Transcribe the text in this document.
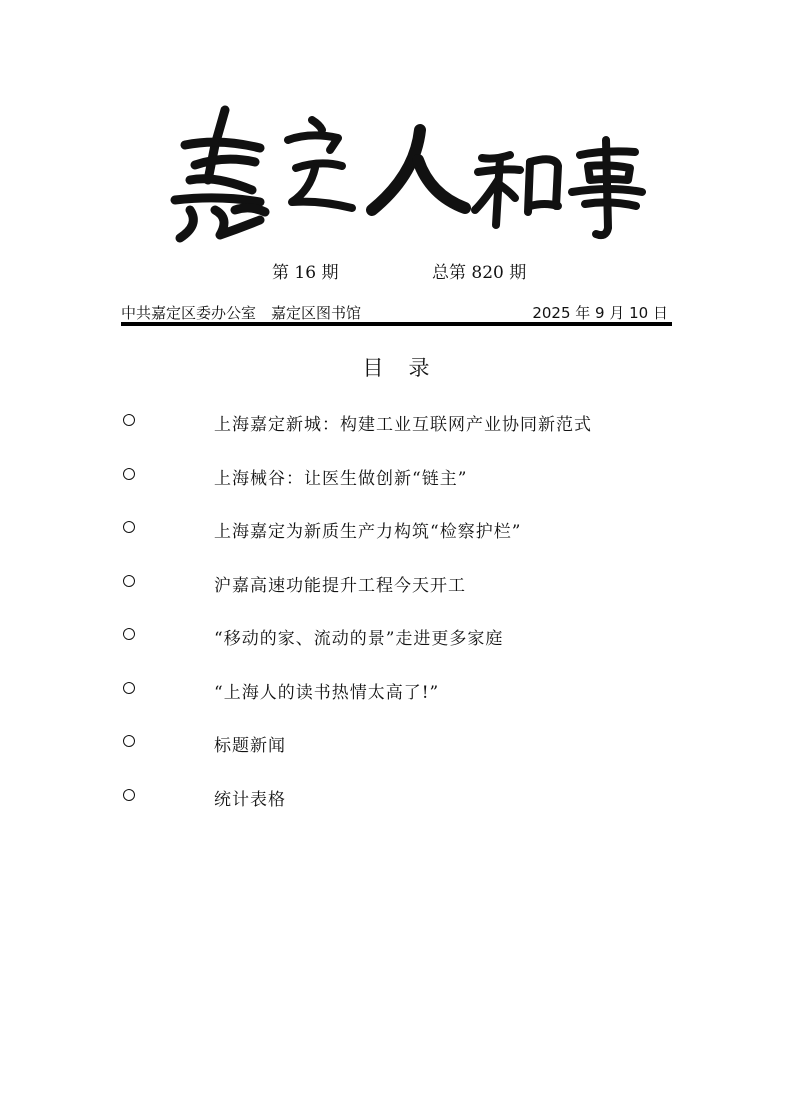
第 16 期	总第 820 期
中共嘉定区委办公室　嘉定区图书馆	2025 年 9 月 10 日
目　录
上海嘉定新城：构建工业互联网产业协同新范式
上海械谷：让医生做创新“链主”
上海嘉定为新质生产力构筑“检察护栏”
沪嘉高速功能提升工程今天开工
“移动的家、流动的景”走进更多家庭
“上海人的读书热情太高了!”
标题新闻
统计表格
